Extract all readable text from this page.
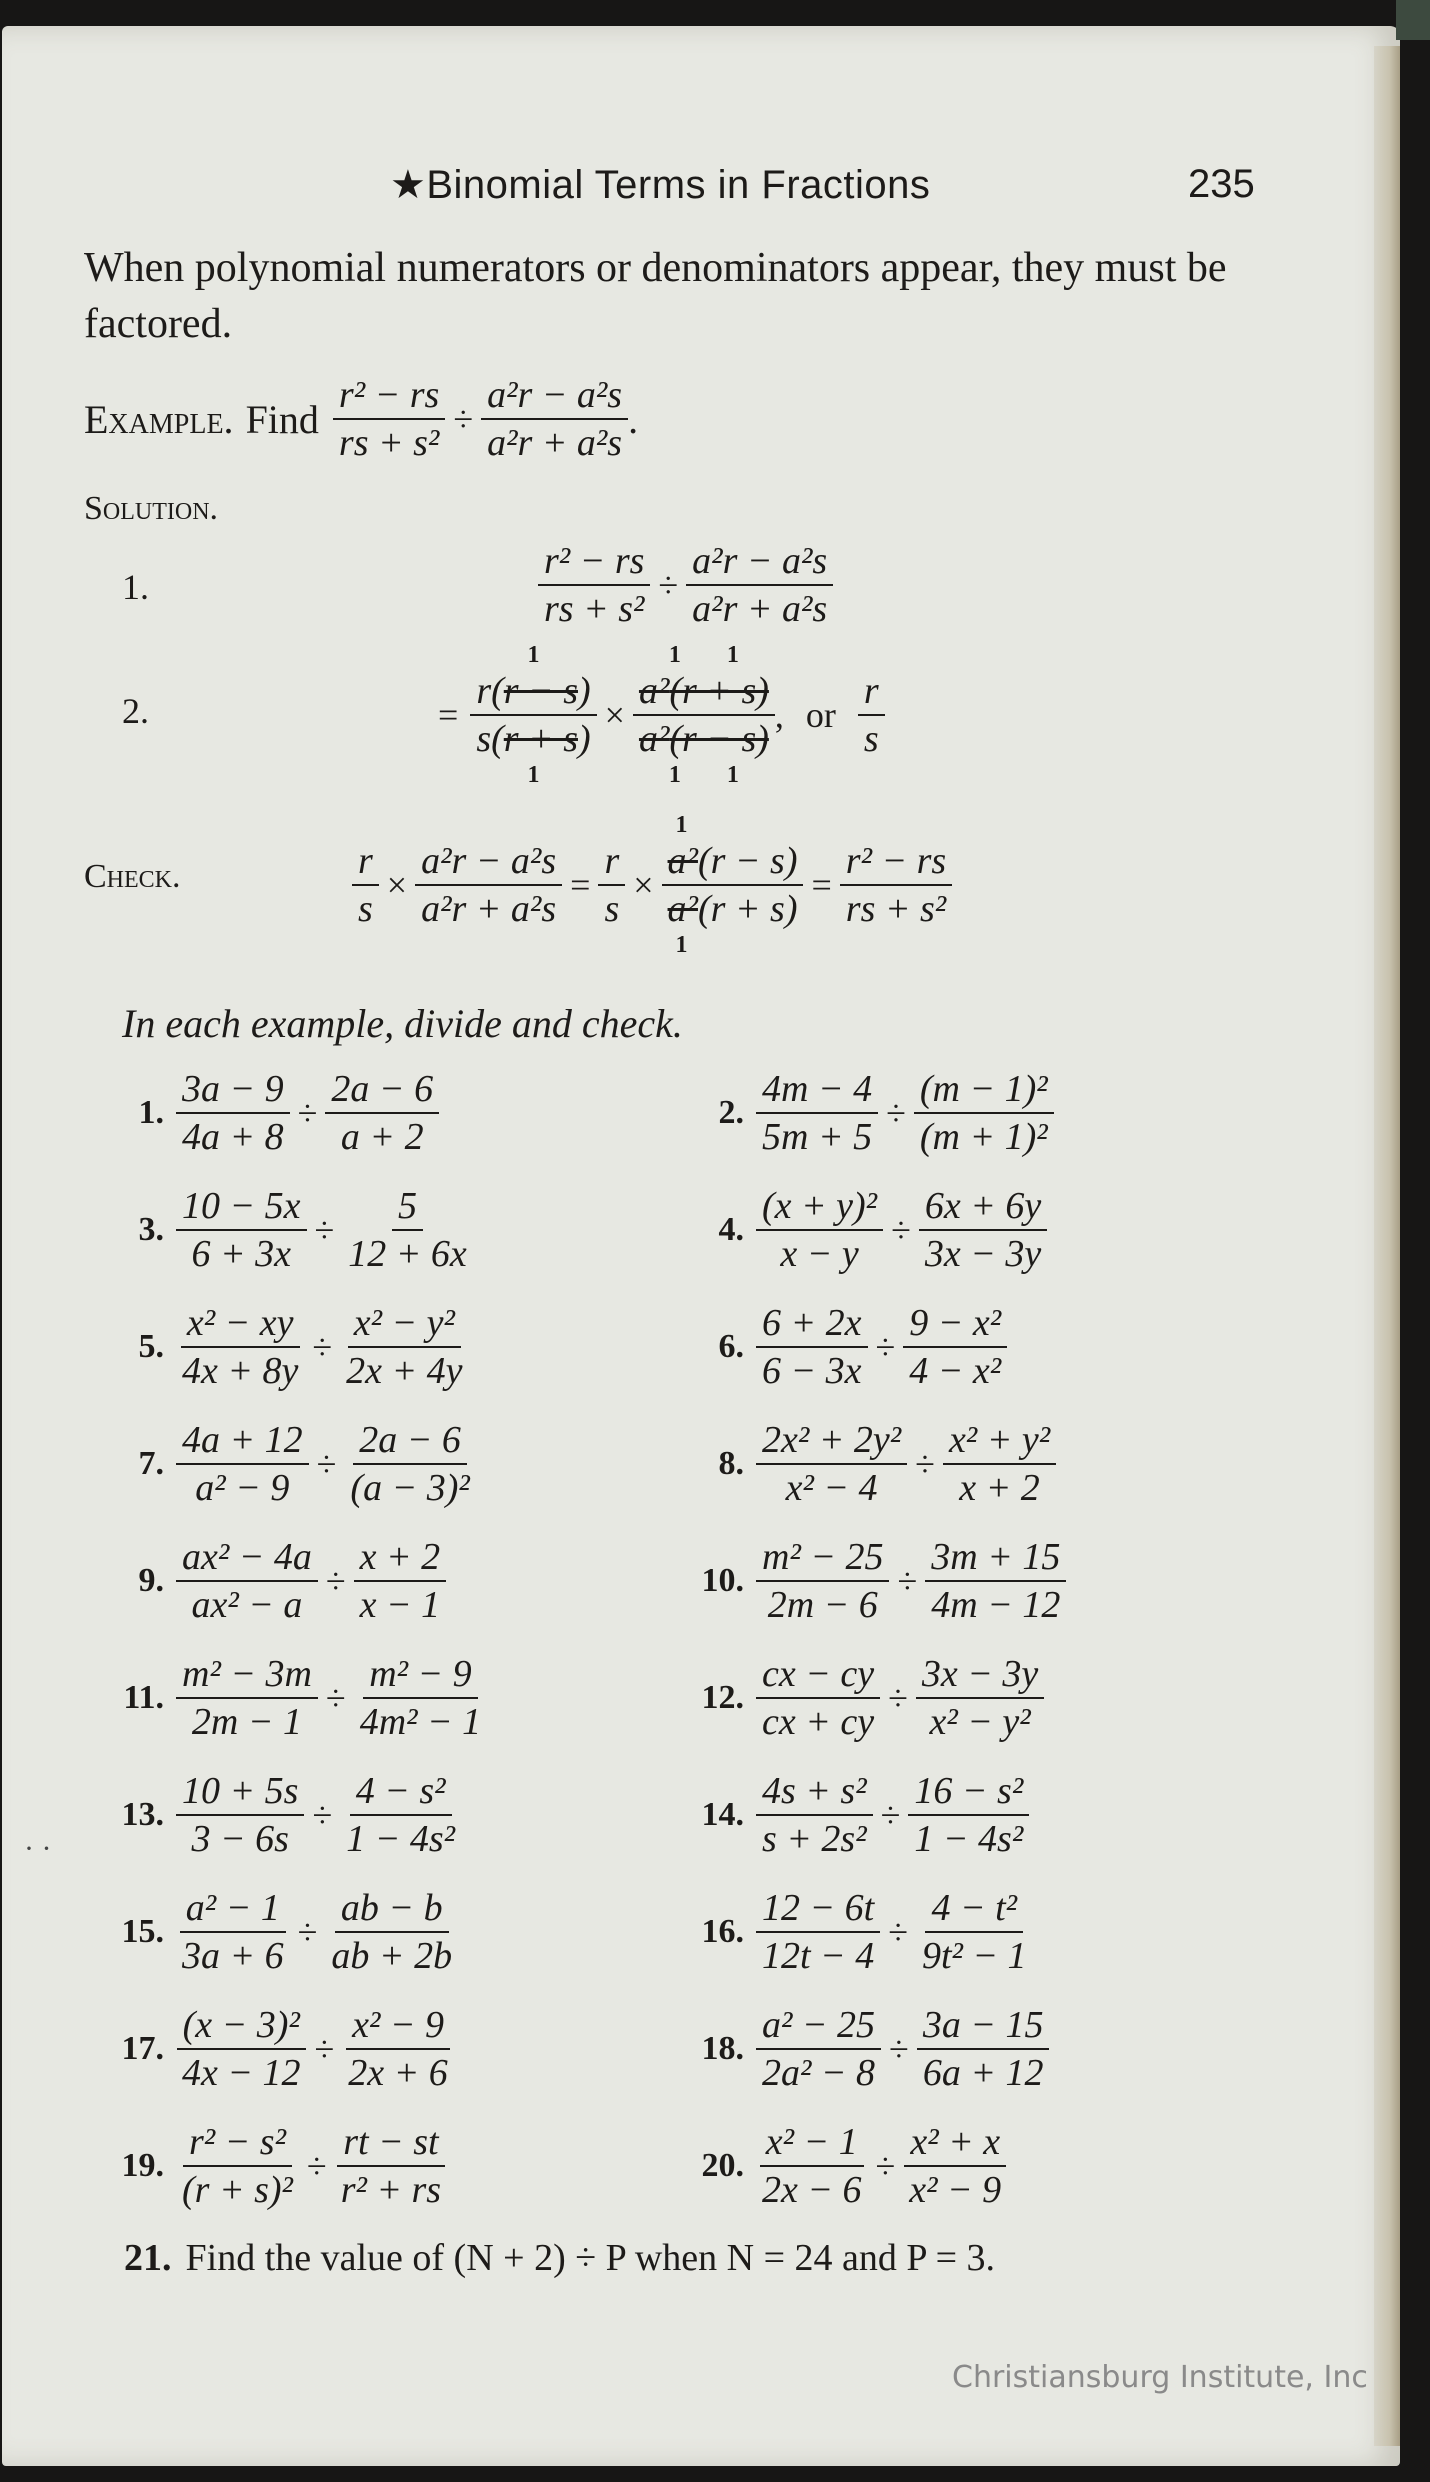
★Binomial Terms in Fractions	235
When polynomial numerators or denominators appear, they must be factored.
Example. Find $\frac{\text{r² − rs}}{\text{rs + s²}} \div \frac{\text{a²r − a²s}}{\text{a²r + a²s}}$ .
Solution.
1.	$\frac{\text{r² − rs}}{\text{rs + s²}} \div \frac{\text{a²r − a²s}}{\text{a²r + a²s}}$
2.	=
1
$\frac{r(r - s)}{s(r + s)}$
1
×
1 1
$\frac{\text{a²(r + s)}}{\text{a²(r − s)}}$
1 1
, or $\frac{r}{s}$
Check.	$\frac{r}{s} \times \frac{\text{a²r − a²s}}{\text{a²r + a²s}} = \frac{r}{s}$ ×
1
$\frac{\text{a²(r − s)}}{\text{a²(r + s)}}$
1
= $\frac{\text{r² − rs}}{\text{rs + s²}}$
In each example, divide and check.
1. $\frac{3a - 9}{4a + 8} \div \frac{2a - 6}{a + 2}$	2. $\frac{4m - 4}{5m + 5} \div \frac{\text{(m − 1)²}}{\text{(m + 1)²}}$
3. $\frac{10 - 5x}{6 + 3x} \div \frac{5}{12 + 6x}$	4. $\frac{\text{(x + y)²}}{x - y} \div \frac{6x + 6y}{3x - 3y}$
5. $\frac{\text{x² − xy}}{4x + 8y} \div \frac{\text{x² − y²}}{2x + 4y}$	6. $\frac{6 + 2x}{6 - 3x} \div \frac{\text{9 − x²}}{\text{4 − x²}}$
7. $\frac{4a + 12}{\text{a² − 9}} \div \frac{2a - 6}{\text{(a − 3)²}}$	8. $\frac{\text{2x² + 2y²}}{\text{x² − 4}} \div \frac{\text{x² + y²}}{x + 2}$
9. $\frac{\text{ax² − 4a}}{\text{ax² − a}} \div \frac{x + 2}{x - 1}$	10. $\frac{\text{m² − 25}}{2m - 6} \div \frac{3m + 15}{4m - 12}$
11. $\frac{\text{m² − 3m}}{2m - 1} \div \frac{\text{m² − 9}}{\text{4m² − 1}}$	12. $\frac{cx - cy}{cx + cy} \div \frac{3x - 3y}{\text{x² − y²}}$
13. $\frac{10 + 5s}{3 - 6s} \div \frac{\text{4 − s²}}{\text{1 − 4s²}}$	14. $\frac{\text{4s + s²}}{\text{s + 2s²}} \div \frac{\text{16 − s²}}{\text{1 − 4s²}}$
15. $\frac{\text{a² − 1}}{3a + 6} \div \frac{ab - b}{ab + 2b}$	16. $\frac{12 - 6t}{12t - 4} \div \frac{\text{4 − t²}}{\text{9t² − 1}}$
17. $\frac{\text{(x − 3)²}}{4x - 12} \div \frac{\text{x² − 9}}{2x + 6}$	18. $\frac{\text{a² − 25}}{\text{2a² − 8}} \div \frac{3a - 15}{6a + 12}$
19. $\frac{\text{r² − s²}}{\text{(r + s)²}} \div \frac{rt - st}{\text{r² + rs}}$	20. $\frac{\text{x² − 1}}{2x - 6} \div \frac{\text{x² + x}}{\text{x² − 9}}$
21. Find the value of (N + 2) ÷ P when N = 24 and P = 3.
· ·
Christiansburg Institute, Inc
